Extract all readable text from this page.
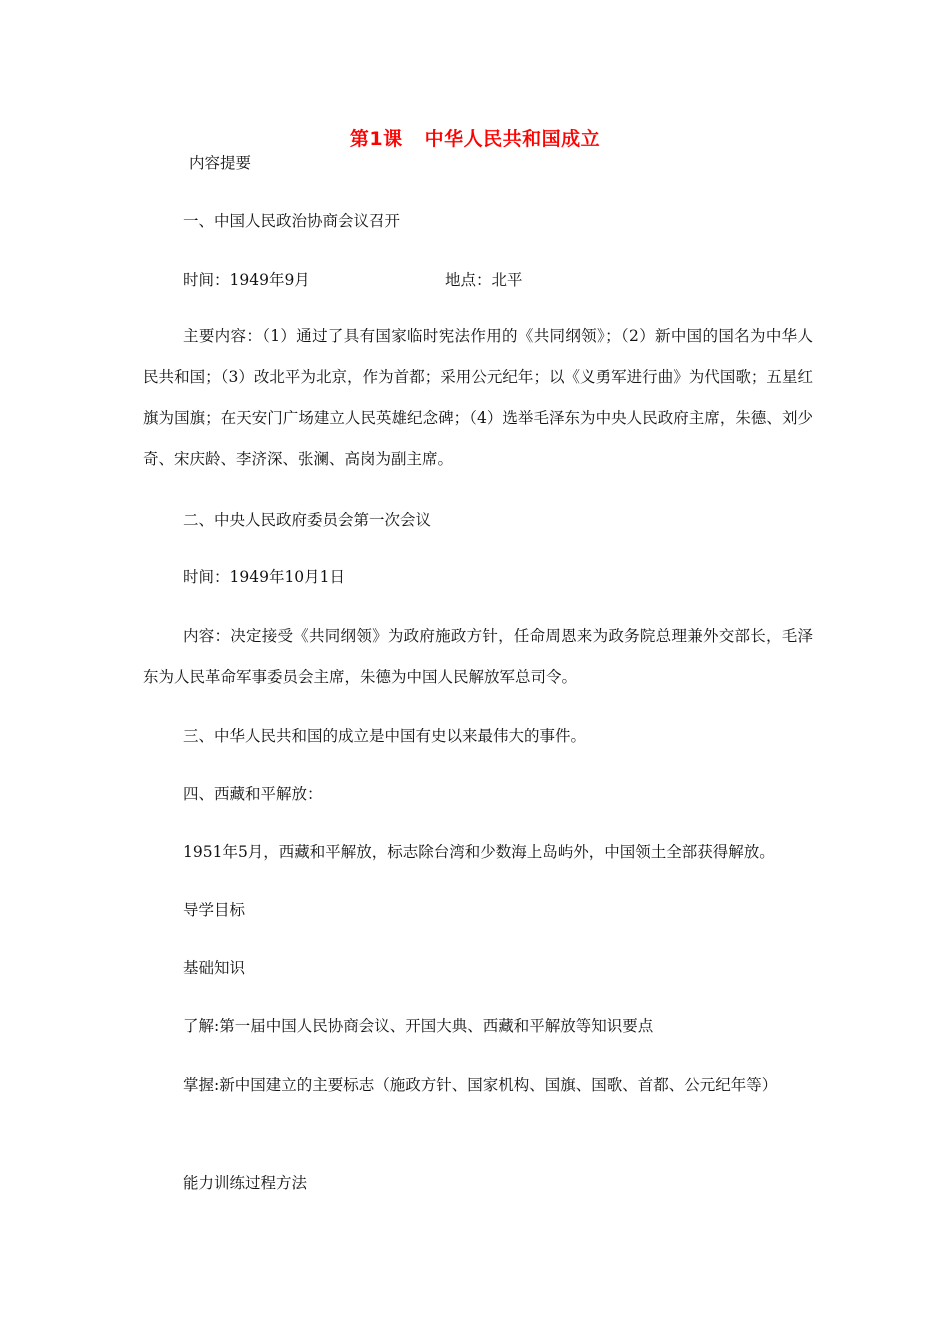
第1课 中华人民共和国成立
内容提要
一、中国人民政治协商会议召开
时间：1949年9月	地点：北平
主要内容：（1）通过了具有国家临时宪法作用的《共同纲领》；（2）新中国的国名为中华人民共和国；（3）改北平为北京，作为首都；采用公元纪年；以《义勇军进行曲》为代国歌；五星红旗为国旗；在天安门广场建立人民英雄纪念碑；（4）选举毛泽东为中央人民政府主席，朱德、刘少奇、宋庆龄、李济深、张澜、高岗为副主席。
二、中央人民政府委员会第一次会议
时间：1949年10月1日
内容：决定接受《共同纲领》为政府施政方针，任命周恩来为政务院总理兼外交部长，毛泽东为人民革命军事委员会主席，朱德为中国人民解放军总司令。
三、中华人民共和国的成立是中国有史以来最伟大的事件。
四、西藏和平解放：
1951年5月，西藏和平解放，标志除台湾和少数海上岛屿外，中国领土全部获得解放。
导学目标
基础知识
了解:第一届中国人民协商会议、开国大典、西藏和平解放等知识要点
掌握:新中国建立的主要标志（施政方针、国家机构、国旗、国歌、首都、公元纪年等）
能力训练过程方法
